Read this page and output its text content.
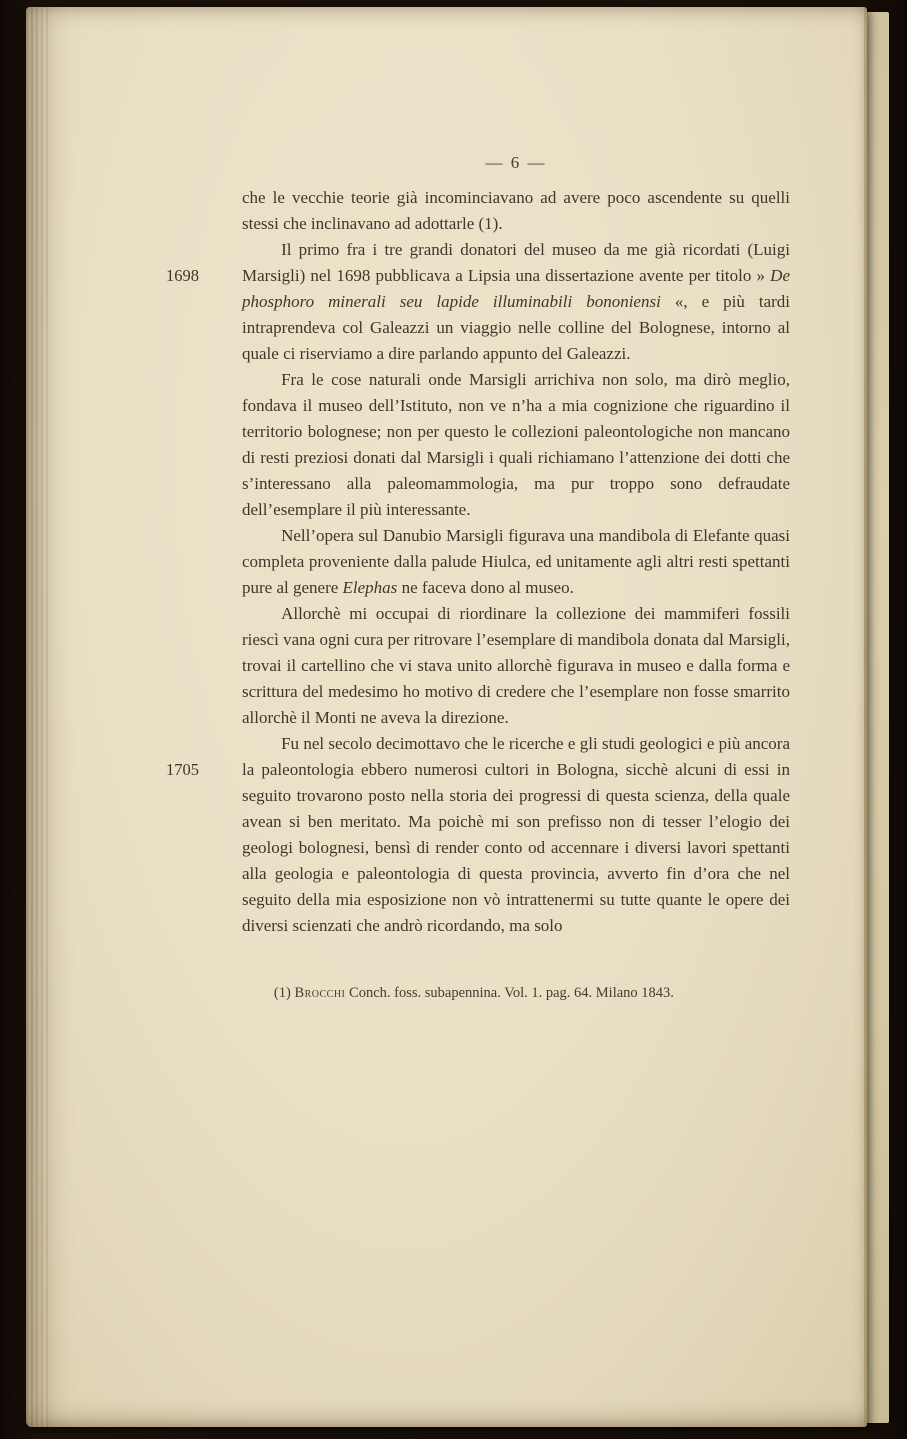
— 6 —

che le vecchie teorie già incominciavano ad avere poco ascendente su quelli stessi che inclinavano ad adottarle (1).

1698
Il primo fra i tre grandi donatori del museo da me già ricordati (Luigi Marsigli) nel 1698 pubblicava a Lipsia una dissertazione avente per titolo » De phosphoro minerali seu lapide illuminabili bononiensi «, e più tardi intraprendeva col Galeazzi un viaggio nelle colline del Bolognese, intorno al quale ci riserviamo a dire parlando appunto del Galeazzi.

Fra le cose naturali onde Marsigli arrichiva non solo, ma dirò meglio, fondava il museo dell’Istituto, non ve n’ha a mia cognizione che riguardino il territorio bolognese; non per questo le collezioni paleontologiche non mancano di resti preziosi donati dal Marsigli i quali richiamano l’attenzione dei dotti che s’interessano alla paleomammologia, ma pur troppo sono defraudate dell’esemplare il più interessante.

Nell’opera sul Danubio Marsigli figurava una mandibola di Elefante quasi completa proveniente dalla palude Hiulca, ed unitamente agli altri resti spettanti pure al genere Elephas ne faceva dono al museo.

Allorchè mi occupai di riordinare la collezione dei mammiferi fossili riescì vana ogni cura per ritrovare l’esemplare di mandibola donata dal Marsigli, trovai il cartellino che vi stava unito allorchè figurava in museo e dalla forma e scrittura del medesimo ho motivo di credere che l’esemplare non fosse smarrito allorchè il Monti ne aveva la direzione.

1705
Fu nel secolo decimottavo che le ricerche e gli studi geologici e più ancora la paleontologia ebbero numerosi cultori in Bologna, sicchè alcuni di essi in seguito trovarono posto nella storia dei progressi di questa scienza, della quale avean si ben meritato. Ma poichè mi son prefisso non di tesser l’elogio dei geologi bolognesi, bensì di render conto od accennare i diversi lavori spettanti alla geologia e paleontologia di questa provincia, avverto fin d’ora che nel seguito della mia esposizione non vò intrattenermi su tutte quante le opere dei diversi scienzati che andrò ricordando, ma solo

(1) Brocchi Conch. foss. subapennina. Vol. 1. pag. 64. Milano 1843.
